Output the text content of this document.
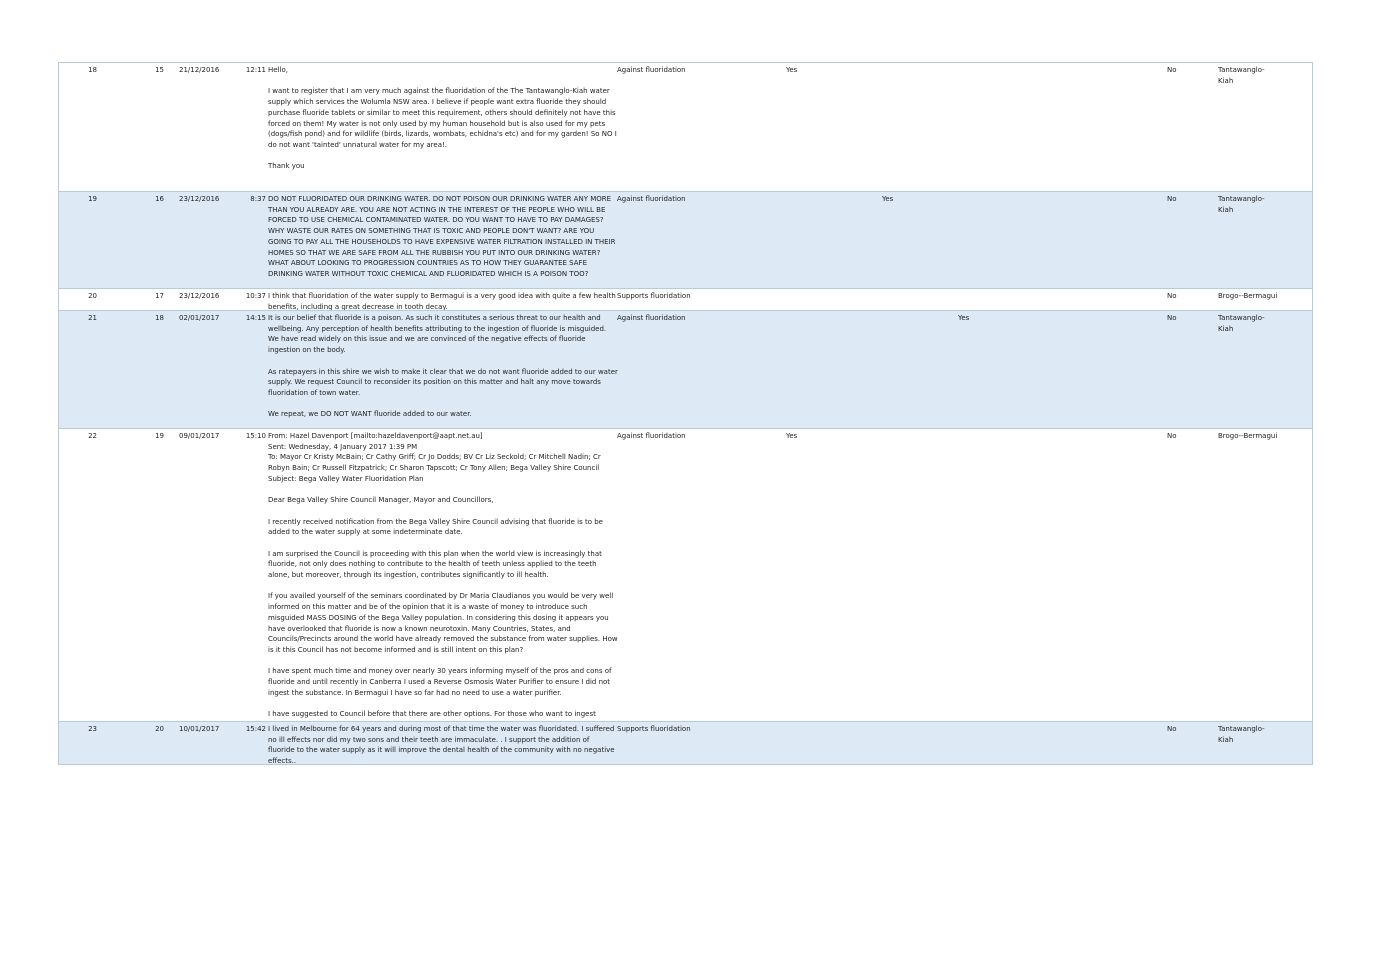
18	15 21/12/2016	12:11 Hello,

I want to register that I am very much against the fluoridation of the The Tantawanglo-Kiah water supply which services the Wolumla NSW area. I believe if people want extra fluoride they should purchase fluoride tablets or similar to meet this requirement, others should definitely not have this forced on them! My water is not only used by my human household but is also used for my pets (dogs/fish pond) and for wildlife (birds, lizards, wombats, echidna's etc) and for my garden! So NO I do not want 'tainted' unnatural water for my area!.

Thank you

Against fluoridation	Yes	No	Tantawanglo-Kiah
19	16 23/12/2016	8:37 DO NOT FLUORIDATED OUR DRINKING WATER. DO NOT POISON OUR DRINKING WATER ANY MORE THAN YOU ALREADY ARE. YOU ARE NOT ACTING IN THE INTEREST OF THE PEOPLE WHO WILL BE FORCED TO USE CHEMICAL CONTAMINATED WATER. DO YOU WANT TO HAVE TO PAY DAMAGES? WHY WASTE OUR RATES ON SOMETHING THAT IS TOXIC AND PEOPLE DON'T WANT? ARE YOU GOING TO PAY ALL THE HOUSEHOLDS TO HAVE EXPENSIVE WATER FILTRATION INSTALLED IN THEIR HOMES SO THAT WE ARE SAFE FROM ALL THE RUBBISH YOU PUT INTO OUR DRINKING WATER? WHAT ABOUT LOOKING TO PROGRESSION COUNTRIES AS TO HOW THEY GUARANTEE SAFE DRINKING WATER WITHOUT TOXIC CHEMICAL AND FLUORIDATED WHICH IS A POISON TOO?

Against fluoridation	Yes	No	Tantawanglo-Kiah
20	17 23/12/2016	10:37 I think that fluoridation of the water supply to Bermagui is a very good idea with quite a few health benefits, including a great decrease in tooth decay.

Supports fluoridation	No	Brogo--Bermagui
21	18 02/01/2017	14:15 It is our belief that fluoride is a poison. As such it constitutes a serious threat to our health and wellbeing. Any perception of health benefits attributing to the ingestion of fluoride is misguided. We have read widely on this issue and we are convinced of the negative effects of fluoride ingestion on the body.

As ratepayers in this shire we wish to make it clear that we do not want fluoride added to our water supply. We request Council to reconsider its position on this matter and halt any move towards fluoridation of town water.

We repeat, we DO NOT WANT fluoride added to our water.

Against fluoridation	Yes	No	Tantawanglo-Kiah
22	19 09/01/2017	15:10 From: Hazel Davenport [mailto:hazeldavenport@aapt.net.au]
Sent: Wednesday, 4 January 2017 1:39 PM
To: Mayor Cr Kristy McBain; Cr Cathy Griff; Cr Jo Dodds; BV Cr Liz Seckold; Cr Mitchell Nadin; Cr Robyn Bain; Cr Russell Fitzpatrick; Cr Sharon Tapscott; Cr Tony Allen; Bega Valley Shire Council
Subject: Bega Valley Water Fluoridation Plan

Dear Bega Valley Shire Council Manager, Mayor and Councillors,

I recently received notification from the Bega Valley Shire Council advising that fluoride is to be added to the water supply at some indeterminate date.

I am surprised the Council is proceeding with this plan when the world view is increasingly that fluoride, not only does nothing to contribute to the health of teeth unless applied to the teeth alone, but moreover, through its ingestion, contributes significantly to ill health.

If you availed yourself of the seminars coordinated by Dr Maria Claudianos you would be very well informed on this matter and be of the opinion that it is a waste of money to introduce such misguided MASS DOSING of the Bega Valley population. In considering this dosing it appears you have overlooked that fluoride is now a known neurotoxin. Many Countries, States, and Councils/Precincts around the world have already removed the substance from water supplies. How is it this Council has not become informed and is still intent on this plan?

I have spent much time and money over nearly 30 years informing myself of the pros and cons of fluoride and until recently in Canberra I used a Reverse Osmosis Water Purifier to ensure I did not ingest the substance. In Bermagui I have so far had no need to use a water purifier.

I have suggested to Council before that there are other options. For those who want to ingest

Against fluoridation	Yes	No	Brogo--Bermagui
23	20 10/01/2017	15:42 I lived in Melbourne for 64 years and during most of that time the water was fluoridated. I suffered no ill effects nor did my two sons and their teeth are immaculate. . I support the addition of fluoride to the water supply as it will improve the dental health of the community with no negative effects..

Supports fluoridation	No	Tantawanglo-Kiah
